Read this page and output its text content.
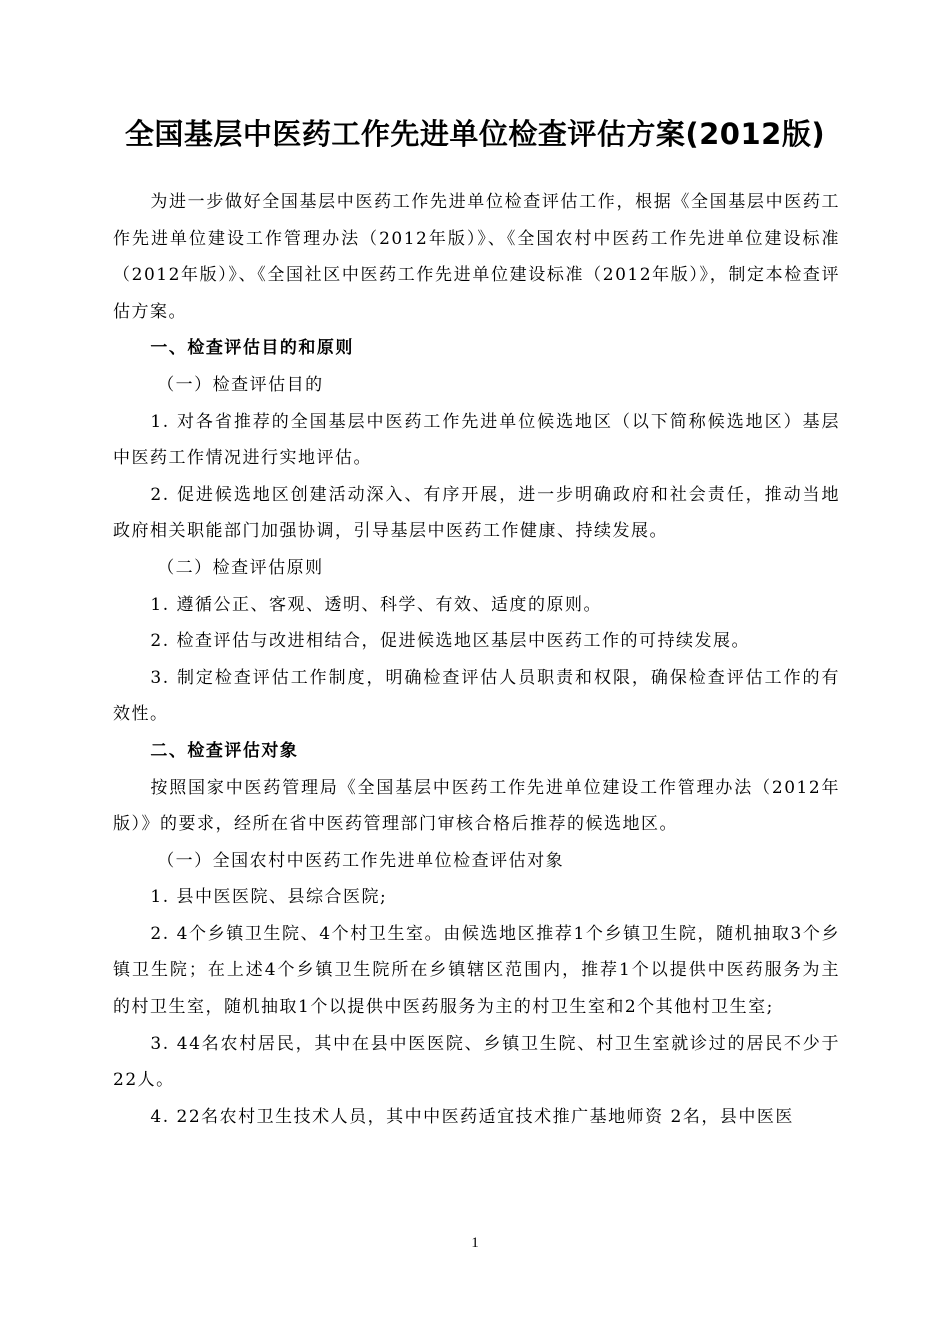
全国基层中医药工作先进单位检查评估方案(2012版)

为进一步做好全国基层中医药工作先进单位检查评估工作，根据《全国基层中医药工作先进单位建设工作管理办法（2012年版）》、《全国农村中医药工作先进单位建设标准（2012年版）》、《全国社区中医药工作先进单位建设标准（2012年版）》，制定本检查评估方案。

一、检查评估目的和原则

（一）检查评估目的

1. 对各省推荐的全国基层中医药工作先进单位候选地区（以下简称候选地区）基层中医药工作情况进行实地评估。

2. 促进候选地区创建活动深入、有序开展，进一步明确政府和社会责任，推动当地政府相关职能部门加强协调，引导基层中医药工作健康、持续发展。

（二）检查评估原则

1. 遵循公正、客观、透明、科学、有效、适度的原则。

2. 检查评估与改进相结合，促进候选地区基层中医药工作的可持续发展。

3. 制定检查评估工作制度，明确检查评估人员职责和权限，确保检查评估工作的有效性。

二、检查评估对象

按照国家中医药管理局《全国基层中医药工作先进单位建设工作管理办法（2012年版）》的要求，经所在省中医药管理部门审核合格后推荐的候选地区。

（一）全国农村中医药工作先进单位检查评估对象

1. 县中医医院、县综合医院;

2. 4个乡镇卫生院、4个村卫生室。由候选地区推荐1个乡镇卫生院，随机抽取3个乡镇卫生院；在上述4个乡镇卫生院所在乡镇辖区范围内，推荐1个以提供中医药服务为主的村卫生室，随机抽取1个以提供中医药服务为主的村卫生室和2个其他村卫生室;

3. 44名农村居民，其中在县中医医院、乡镇卫生院、村卫生室就诊过的居民不少于22人。

4. 22名农村卫生技术人员，其中中医药适宜技术推广基地师资 2名，县中医医

1
